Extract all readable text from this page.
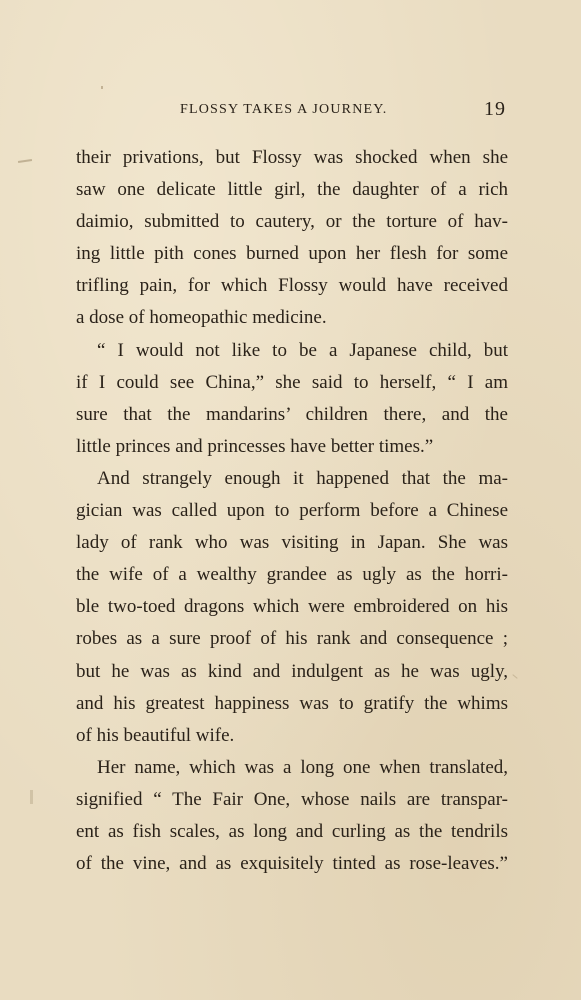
FLOSSY TAKES A JOURNEY.	19
their privations, but Flossy was shocked when she
saw one delicate little girl, the daughter of a rich
daimio, submitted to cautery, or the torture of hav-
ing little pith cones burned upon her flesh for some
trifling pain, for which Flossy would have received
a dose of homeopathic medicine.
“ I would not like to be a Japanese child, but
if I could see China,” she said to herself, “ I am
sure that the mandarins’ children there, and the
little princes and princesses have better times.”
And strangely enough it happened that the ma-
gician was called upon to perform before a Chinese
lady of rank who was visiting in Japan. She was
the wife of a wealthy grandee as ugly as the horri-
ble two-toed dragons which were embroidered on his
robes as a sure proof of his rank and consequence ;
but he was as kind and indulgent as he was ugly,
and his greatest happiness was to gratify the whims
of his beautiful wife.
Her name, which was a long one when translated,
signified “ The Fair One, whose nails are transpar-
ent as fish scales, as long and curling as the tendrils
of the vine, and as exquisitely tinted as rose-leaves.”
